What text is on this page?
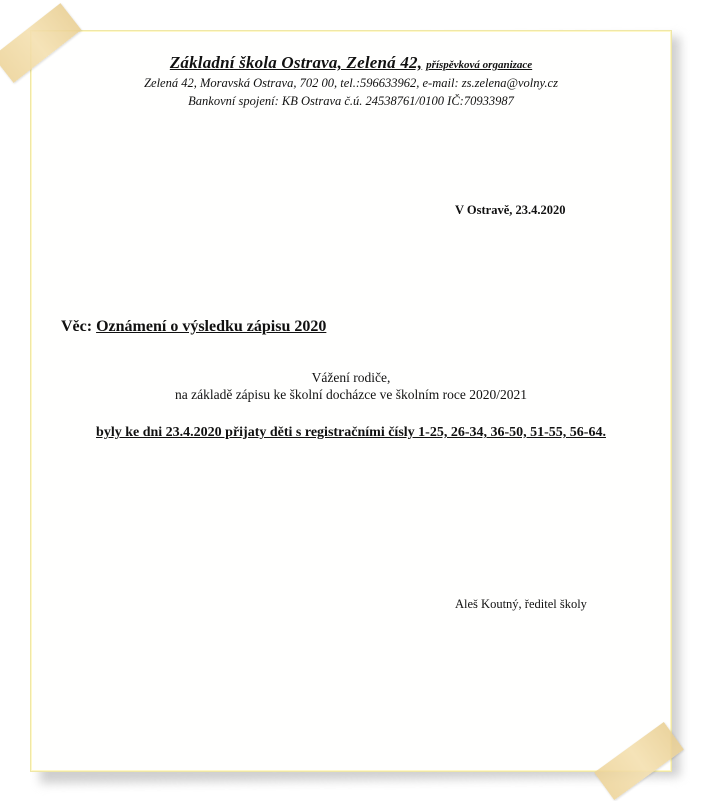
Základní škola Ostrava, Zelená 42, příspěvková organizace
Zelená 42, Moravská Ostrava, 702 00, tel.:596633962, e-mail: zs.zelena@volny.cz
Bankovní spojení: KB Ostrava č.ú. 24538761/0100 IČ:70933987
V Ostravě, 23.4.2020
Věc: Oznámení o výsledku zápisu 2020
Vážení rodiče,
na základě zápisu ke školní docházce ve školním roce 2020/2021
byly ke dni 23.4.2020 přijaty děti s registračními čísly 1-25, 26-34, 36-50, 51-55, 56-64.
Aleš Koutný, ředitel školy
